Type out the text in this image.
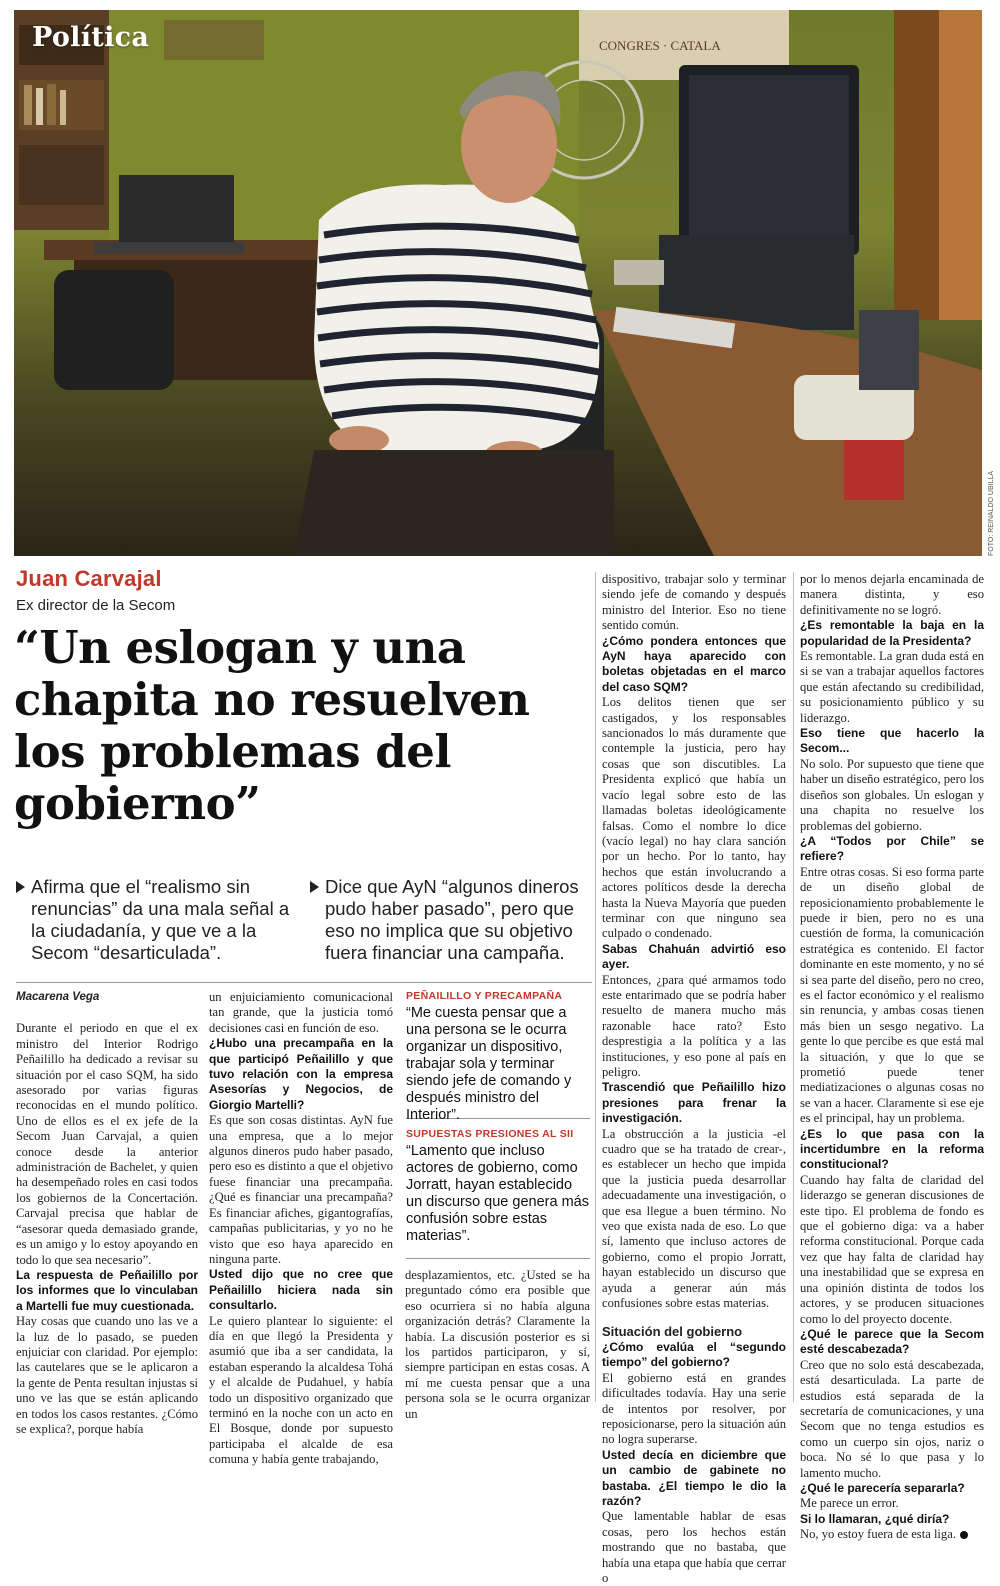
CONGRES · CATALA
Política
FOTO: REINALDO UBILLA
Juan Carvajal
Ex director de la Secom
“Un eslogan y una chapita no resuelven los problemas del gobierno”

Afirma que el “realismo sin renuncias” da una mala señal a la ciudadanía, y que ve a la Secom “desarticulada”.

Dice que AyN “algunos dineros pudo haber pasado”, pero que eso no implica que su objetivo fuera financiar una campaña.

Macarena Vega

Durante el periodo en que el ex ministro del Interior Rodrigo Peñailillo ha dedicado a revisar su situación por el caso SQM, ha sido asesorado por varias figuras reconocidas en el mundo político. Uno de ellos es el ex jefe de la Secom Juan Carvajal, a quien conoce desde la anterior administración de Bachelet, y quien ha desempeñado roles en casi todos los gobiernos de la Concertación. Carvajal precisa que hablar de “asesorar queda demasiado grande, es un amigo y lo estoy apoyando en todo lo que sea necesario”.

La respuesta de Peñailillo por los informes que lo vinculaban a Martelli fue muy cuestionada.

Hay cosas que cuando uno las ve a la luz de lo pasado, se pueden enjuiciar con claridad. Por ejemplo: las cautelares que se le aplicaron a la gente de Penta resultan injustas si uno ve las que se están aplicando en todos los casos restantes. ¿Cómo se explica?, porque había

un enjuiciamiento comunicacional tan grande, que la justicia tomó decisiones casi en función de eso.

¿Hubo una precampaña en la que participó Peñailillo y que tuvo relación con la empresa Asesorías y Negocios, de Giorgio Martelli?

Es que son cosas distintas. AyN fue una empresa, que a lo mejor algunos dineros pudo haber pasado, pero eso es distinto a que el objetivo fuese financiar una precampaña. ¿Qué es financiar una precampaña? Es financiar afiches, gigantografías, campañas publicitarias, y yo no he visto que eso haya aparecido en ninguna parte.

Usted dijo que no cree que Peñailillo hiciera nada sin consultarlo.

Le quiero plantear lo siguiente: el día en que llegó la Presidenta y asumió que iba a ser candidata, la estaban esperando la alcaldesa Tohá y el alcalde de Pudahuel, y había todo un dispositivo organizado que terminó en la noche con un acto en El Bosque, donde por supuesto participaba el alcalde de esa comuna y había gente trabajando,

PEÑAILILLO Y PRECAMPAÑA
“Me cuesta pensar que a una persona se le ocurra organizar un dispositivo, trabajar sola y terminar siendo jefe de comando y después ministro del Interior”.
SUPUESTAS PRESIONES AL SII
“Lamento que incluso actores de gobierno, como Jorratt, hayan establecido un discurso que genera más confusión sobre estas materias”.

desplazamientos, etc. ¿Usted se ha preguntado cómo era posible que eso ocurriera si no había alguna organización detrás? Claramente la había. La discusión posterior es si los partidos participaron, y sí, siempre participan en estas cosas. A mí me cuesta pensar que a una persona sola se le ocurra organizar un

dispositivo, trabajar solo y terminar siendo jefe de comando y después ministro del Interior. Eso no tiene sentido común.

¿Cómo pondera entonces que AyN haya aparecido con boletas objetadas en el marco del caso SQM?

Los delitos tienen que ser castigados, y los responsables sancionados lo más duramente que contemple la justicia, pero hay cosas que son discutibles. La Presidenta explicó que había un vacío legal sobre esto de las llamadas boletas ideológicamente falsas. Como el nombre lo dice (vacío legal) no hay clara sanción por un hecho. Por lo tanto, hay hechos que están involucrando a actores políticos desde la derecha hasta la Nueva Mayoría que pueden terminar con que ninguno sea culpado o condenado.

Sabas Chahuán advirtió eso ayer.

Entonces, ¿para qué armamos todo este entarimado que se podría haber resuelto de manera mucho más razonable hace rato? Esto desprestigia a la política y a las instituciones, y eso pone al país en peligro.

Trascendió que Peñailillo hizo presiones para frenar la investigación.

La obstrucción a la justicia -el cuadro que se ha tratado de crear-, es establecer un hecho que impida que la justicia pueda desarrollar adecuadamente una investigación, o que esa llegue a buen término. No veo que exista nada de eso. Lo que sí, lamento que incluso actores de gobierno, como el propio Jorratt, hayan establecido un discurso que ayuda a generar aún más confusiones sobre estas materias.

Situación del gobierno

¿Cómo evalúa el “segundo tiempo” del gobierno?

El gobierno está en grandes dificultades todavía. Hay una serie de intentos por resolver, por reposicionarse, pero la situación aún no logra superarse.

Usted decía en diciembre que un cambio de gabinete no bastaba. ¿El tiempo le dio la razón?

Que lamentable hablar de esas cosas, pero los hechos están mostrando que no bastaba, que había una etapa que había que cerrar o

por lo menos dejarla encaminada de manera distinta, y eso definitivamente no se logró.

¿Es remontable la baja en la popularidad de la Presidenta?

Es remontable. La gran duda está en si se van a trabajar aquellos factores que están afectando su credibilidad, su posicionamiento público y su liderazgo.

Eso tiene que hacerlo la Secom...

No solo. Por supuesto que tiene que haber un diseño estratégico, pero los diseños son globales. Un eslogan y una chapita no resuelve los problemas del gobierno.

¿A “Todos por Chile” se refiere?

Entre otras cosas. Si eso forma parte de un diseño global de reposicionamiento probablemente le puede ir bien, pero no es una cuestión de forma, la comunicación estratégica es contenido. El factor dominante en este momento, y no sé si sea parte del diseño, pero no creo, es el factor económico y el realismo sin renuncia, y ambas cosas tienen más bien un sesgo negativo. La gente lo que percibe es que está mal la situación, y que lo que se prometió puede tener mediatizaciones o algunas cosas no se van a hacer. Claramente si ese eje es el principal, hay un problema.

¿Es lo que pasa con la incertidumbre en la reforma constitucional?

Cuando hay falta de claridad del liderazgo se generan discusiones de este tipo. El problema de fondo es que el gobierno diga: va a haber reforma constitucional. Porque cada vez que hay falta de claridad hay una inestabilidad que se expresa en una opinión distinta de todos los actores, y se producen situaciones como lo del proyecto docente.

¿Qué le parece que la Secom esté descabezada?

Creo que no solo está descabezada, está desarticulada. La parte de estudios está separada de la secretaría de comunicaciones, y una Secom que no tenga estudios es como un cuerpo sin ojos, nariz o boca. No sé lo que pasa y lo lamento mucho.

¿Qué le parecería separarla?

Me parece un error.

Si lo llamaran, ¿qué diría?

No, yo estoy fuera de esta liga.
